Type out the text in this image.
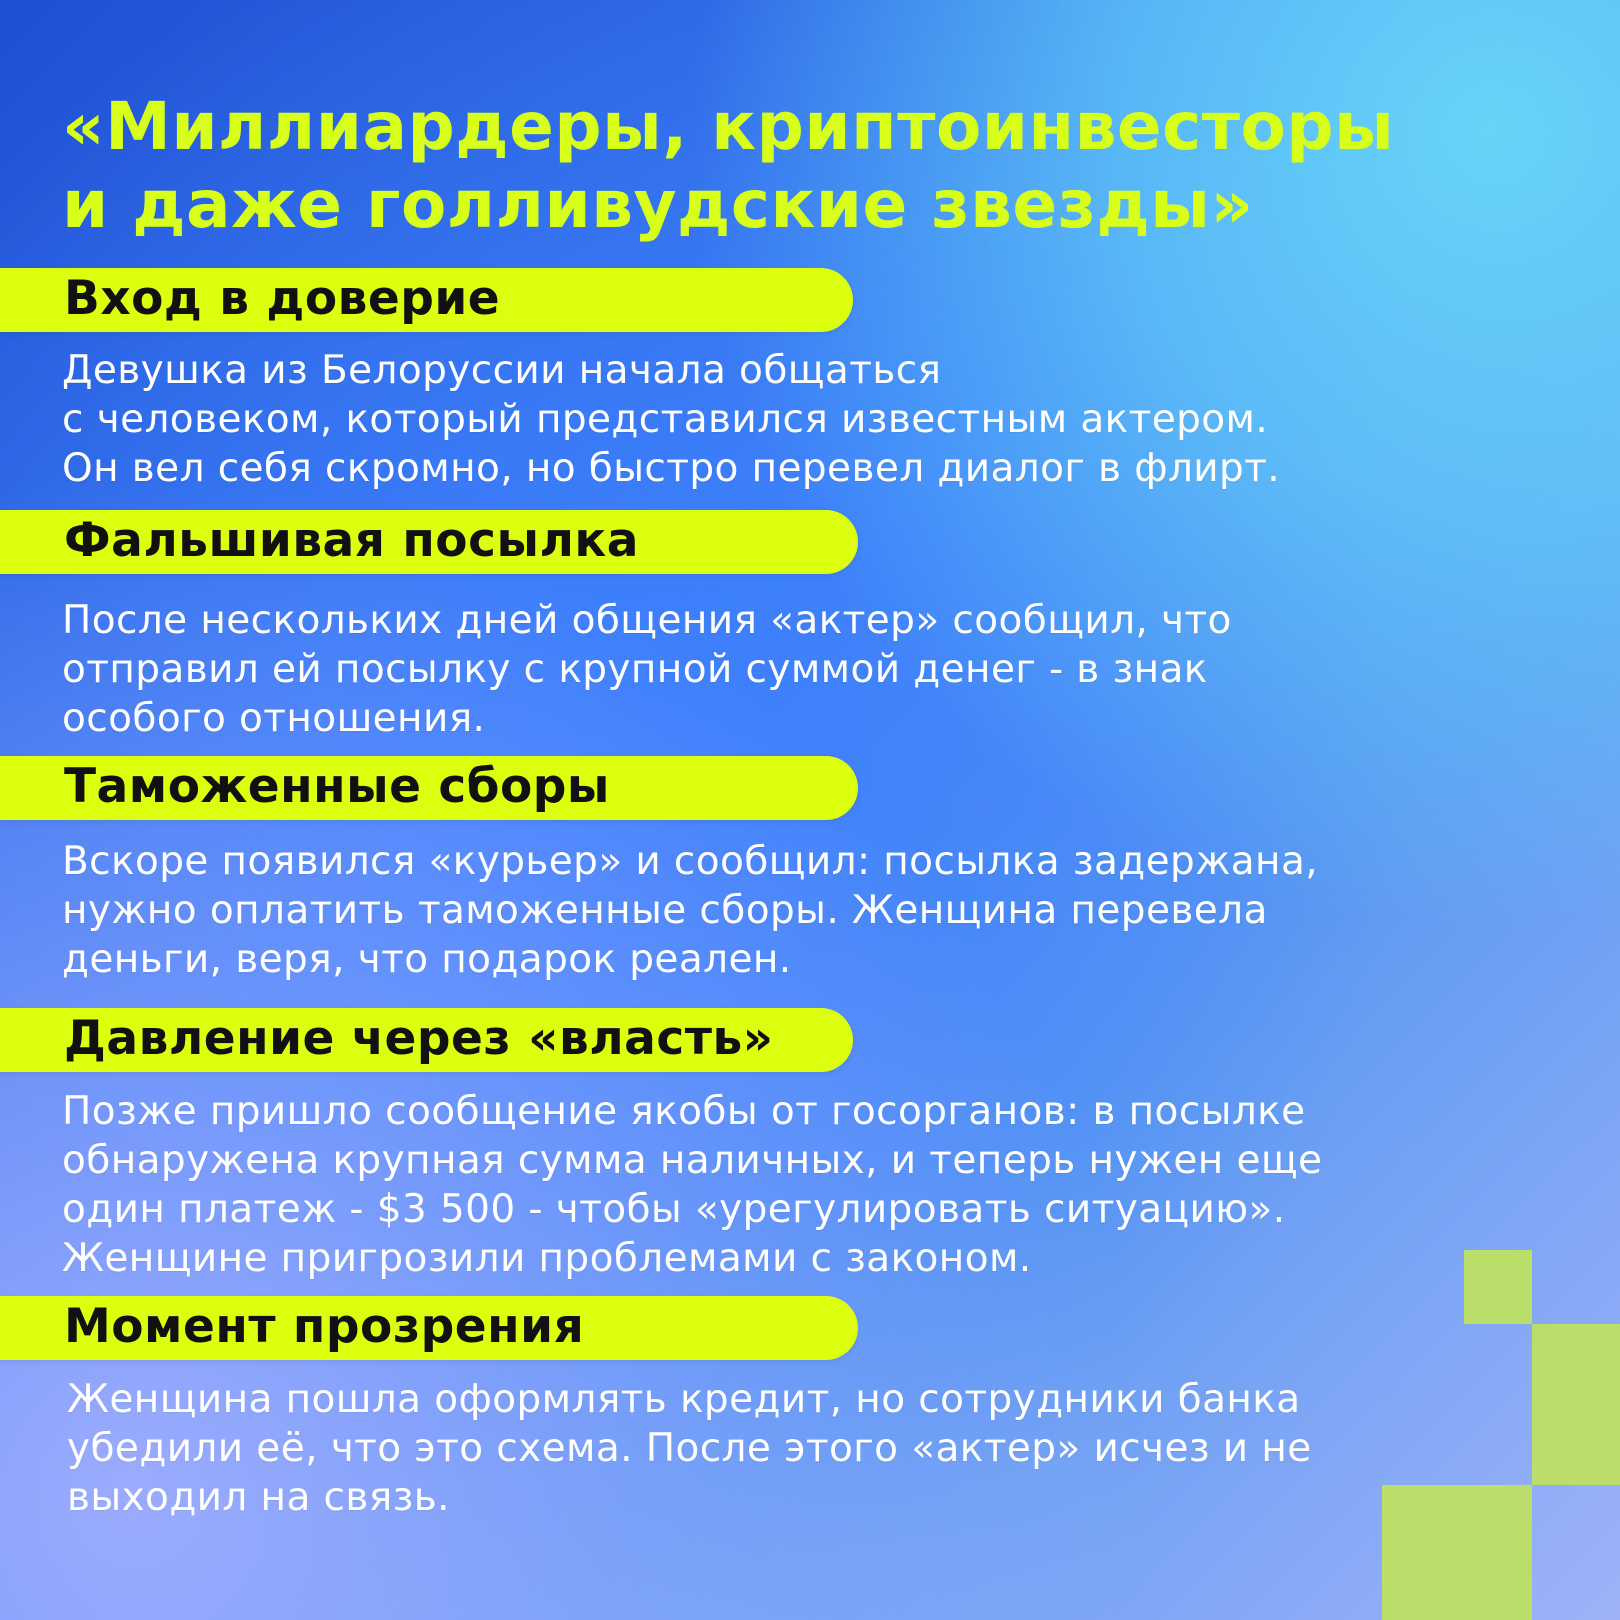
«Миллиардеры, криптоинвесторы
и даже голливудские звезды»
Вход в доверие

Девушка из Белоруссии начала общаться
с человеком, который представился известным актером.
Он вел себя скромно, но быстро перевел диалог в флирт.

Фальшивая посылка

После нескольких дней общения «актер» сообщил, что
отправил ей посылку с крупной суммой денег - в знак
особого отношения.

Таможенные сборы

Вскоре появился «курьер» и сообщил: посылка задержана,
нужно оплатить таможенные сборы. Женщина перевела
деньги, веря, что подарок реален.

Давление через «власть»

Позже пришло сообщение якобы от госорганов: в посылке
обнаружена крупная сумма наличных, и теперь нужен еще
один платеж - $3 500 - чтобы «урегулировать ситуацию».
Женщине пригрозили проблемами с законом.

Момент прозрения

Женщина пошла оформлять кредит, но сотрудники банка
убедили её, что это схема. После этого «актер» исчез и не
выходил на связь.
